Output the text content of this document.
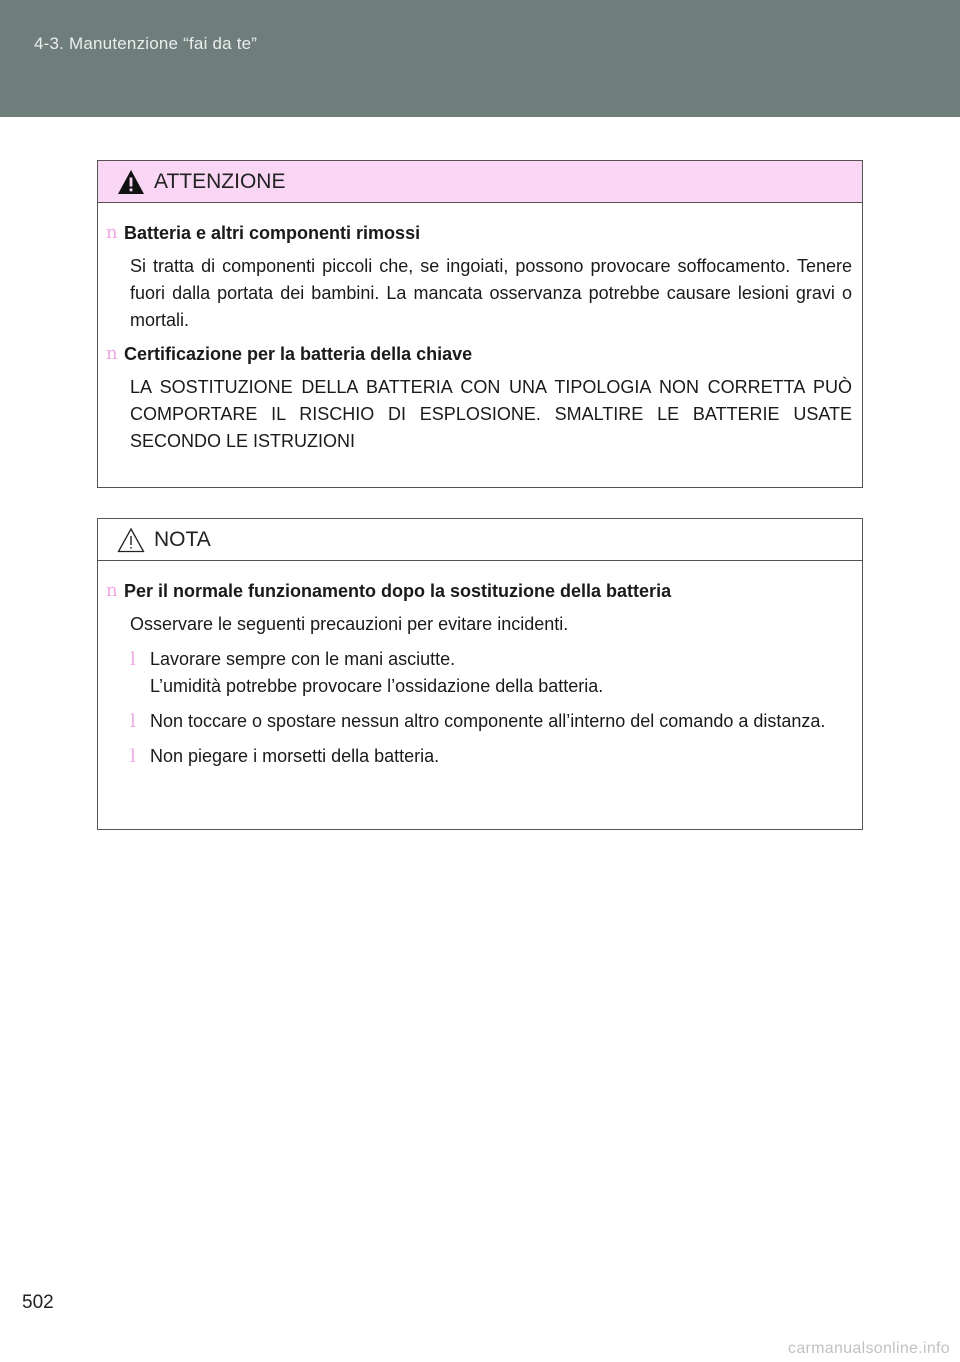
4-3. Manutenzione “fai da te”
ATTENZIONE
n Batteria e altri componenti rimossi
Si tratta di componenti piccoli che, se ingoiati, possono provocare soffocamento. Tenere fuori dalla portata dei bambini. La mancata osservanza potrebbe causare lesioni gravi o mortali.
n Certificazione per la batteria della chiave
LA SOSTITUZIONE DELLA BATTERIA CON UNA TIPOLOGIA NON CORRETTA PUÒ COMPORTARE IL RISCHIO DI ESPLOSIONE. SMALTIRE LE BATTERIE USATE SECONDO LE ISTRUZIONI
NOTA
n Per il normale funzionamento dopo la sostituzione della batteria
Osservare le seguenti precauzioni per evitare incidenti.
l Lavorare sempre con le mani asciutte.
L’umidità potrebbe provocare l’ossidazione della batteria.
l Non toccare o spostare nessun altro componente all’interno del comando a distanza.
l Non piegare i morsetti della batteria.
502
carmanualsonline.info
